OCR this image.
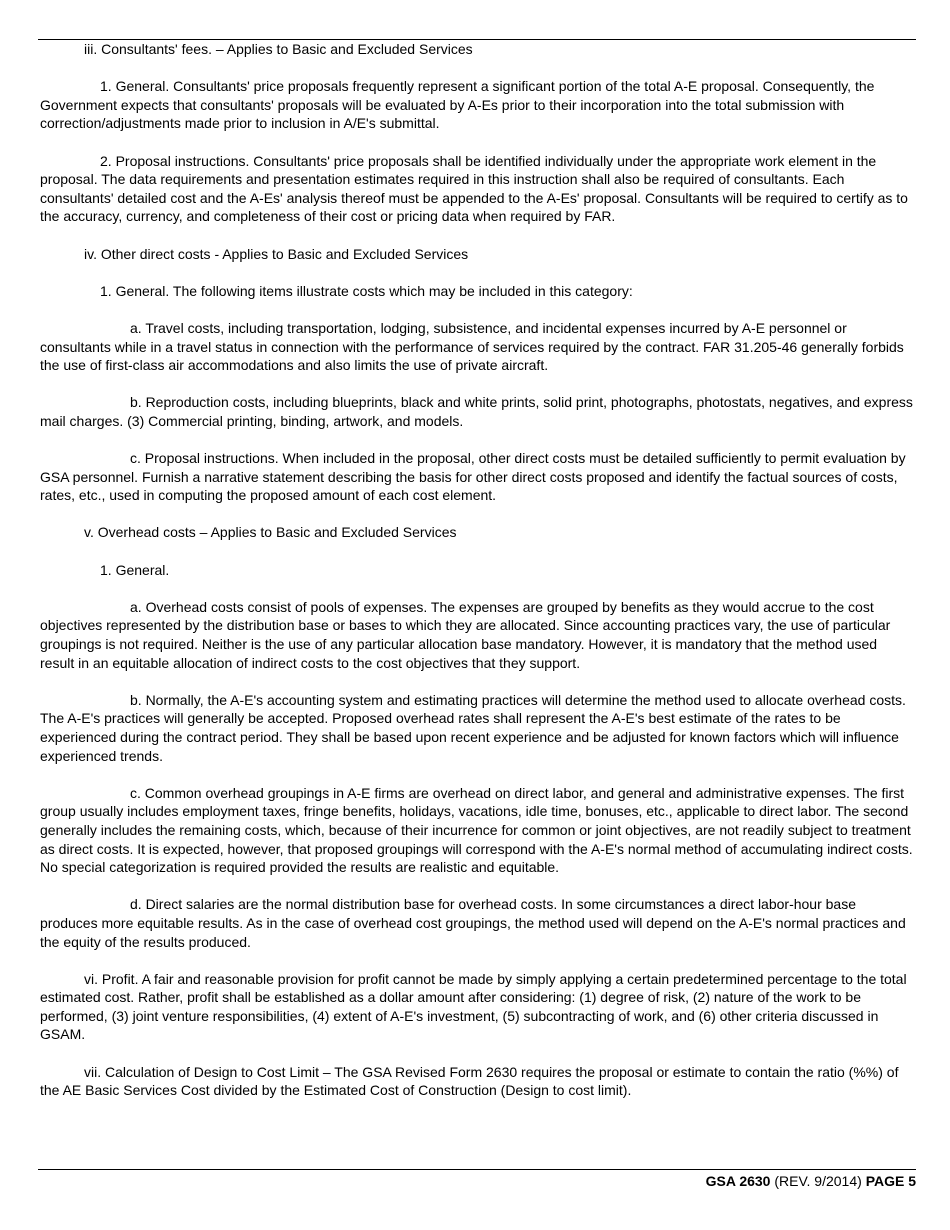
iii. Consultants' fees. – Applies to Basic and Excluded Services

1. General. Consultants' price proposals frequently represent a significant portion of the total A-E proposal. Consequently, the Government expects that consultants' proposals will be evaluated by A-Es prior to their incorporation into the total submission with correction/adjustments made prior to inclusion in A/E's submittal.

2. Proposal instructions. Consultants' price proposals shall be identified individually under the appropriate work element in the proposal. The data requirements and presentation estimates required in this instruction shall also be required of consultants. Each consultants' detailed cost and the A-Es' analysis thereof must be appended to the A-Es' proposal. Consultants will be required to certify as to the accuracy, currency, and completeness of their cost or pricing data when required by FAR.

iv. Other direct costs - Applies to Basic and Excluded Services

1. General. The following items illustrate costs which may be included in this category:

a. Travel costs, including transportation, lodging, subsistence, and incidental expenses incurred by A-E personnel or consultants while in a travel status in connection with the performance of services required by the contract. FAR 31.205-46 generally forbids the use of first-class air accommodations and also limits the use of private aircraft.

b. Reproduction costs, including blueprints, black and white prints, solid print, photographs, photostats, negatives, and express mail charges. (3) Commercial printing, binding, artwork, and models.

c. Proposal instructions. When included in the proposal, other direct costs must be detailed sufficiently to permit evaluation by GSA personnel. Furnish a narrative statement describing the basis for other direct costs proposed and identify the factual sources of costs, rates, etc., used in computing the proposed amount of each cost element.

v. Overhead costs – Applies to Basic and Excluded Services

1. General.

a. Overhead costs consist of pools of expenses. The expenses are grouped by benefits as they would accrue to the cost objectives represented by the distribution base or bases to which they are allocated. Since accounting practices vary, the use of particular groupings is not required. Neither is the use of any particular allocation base mandatory. However, it is mandatory that the method used result in an equitable allocation of indirect costs to the cost objectives that they support.

b. Normally, the A-E's accounting system and estimating practices will determine the method used to allocate overhead costs. The A-E's practices will generally be accepted. Proposed overhead rates shall represent the A-E's best estimate of the rates to be experienced during the contract period. They shall be based upon recent experience and be adjusted for known factors which will influence experienced trends.

c. Common overhead groupings in A-E firms are overhead on direct labor, and general and administrative expenses. The first group usually includes employment taxes, fringe benefits, holidays, vacations, idle time, bonuses, etc., applicable to direct labor. The second generally includes the remaining costs, which, because of their incurrence for common or joint objectives, are not readily subject to treatment as direct costs. It is expected, however, that proposed groupings will correspond with the A-E's normal method of accumulating indirect costs. No special categorization is required provided the results are realistic and equitable.

d. Direct salaries are the normal distribution base for overhead costs. In some circumstances a direct labor-hour base produces more equitable results. As in the case of overhead cost groupings, the method used will depend on the A-E's normal practices and the equity of the results produced.

vi. Profit. A fair and reasonable provision for profit cannot be made by simply applying a certain predetermined percentage to the total estimated cost. Rather, profit shall be established as a dollar amount after considering: (1) degree of risk, (2) nature of the work to be performed, (3) joint venture responsibilities, (4) extent of A-E's investment, (5) subcontracting of work, and (6) other criteria discussed in GSAM.

vii. Calculation of Design to Cost Limit – The GSA Revised Form 2630 requires the proposal or estimate to contain the ratio (%%) of the AE Basic Services Cost divided by the Estimated Cost of Construction (Design to cost limit).

GSA 2630 (REV. 9/2014) PAGE 5
